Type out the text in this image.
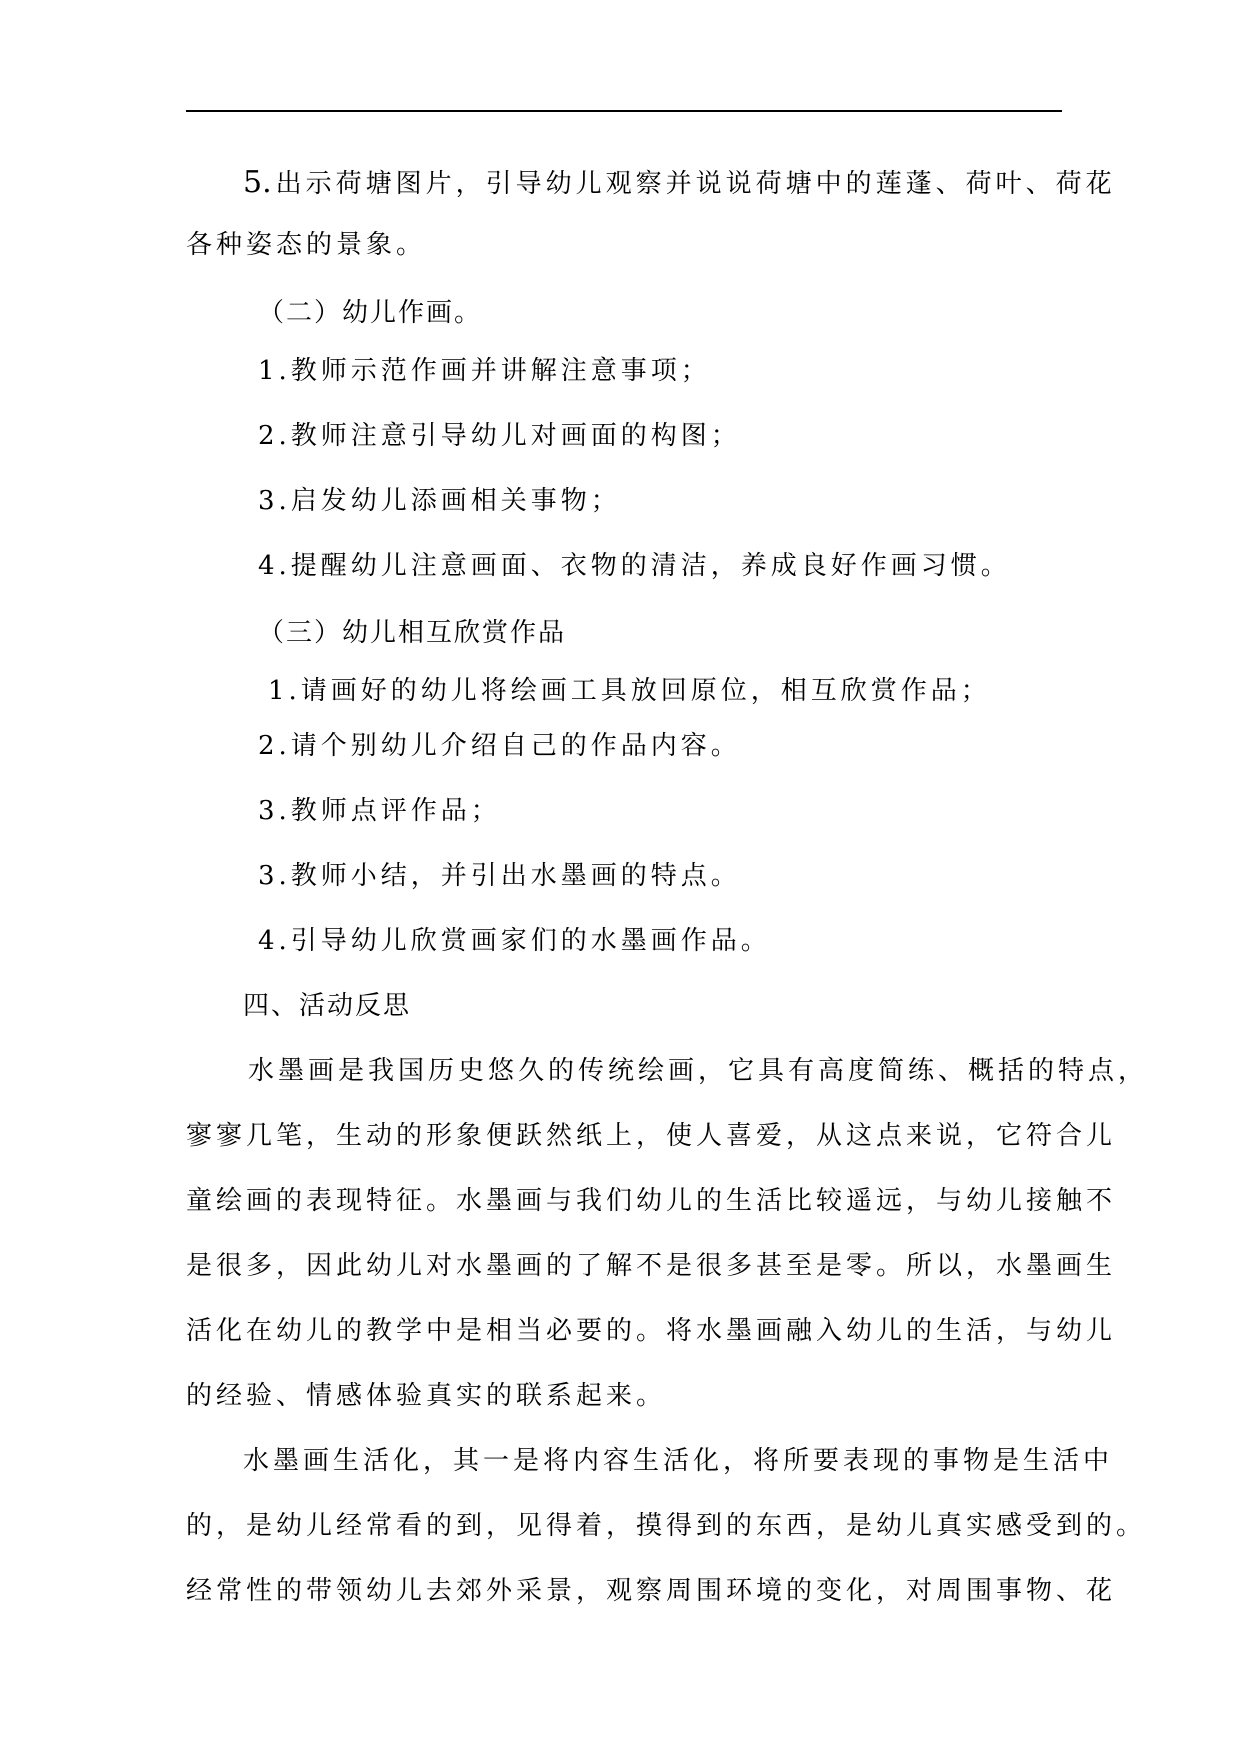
5. 出示荷塘图片，引导幼儿观察并说说荷塘中的莲蓬、荷叶、荷花
各种姿态的景象。
（二）幼儿作画。
1.教师示范作画并讲解注意事项；
2.教师注意引导幼儿对画面的构图；
3.启发幼儿添画相关事物；
4.提醒幼儿注意画面、衣物的清洁，养成良好作画习惯。
（三）幼儿相互欣赏作品
1.请画好的幼儿将绘画工具放回原位，相互欣赏作品；
2.请个别幼儿介绍自己的作品内容。
3.教师点评作品；
3.教师小结，并引出水墨画的特点。
4.引导幼儿欣赏画家们的水墨画作品。
四、活动反思
水墨画是我国历史悠久的传统绘画，它具有高度简练、概括的特点，
寥寥几笔，生动的形象便跃然纸上，使人喜爱，从这点来说，它符合儿
童绘画的表现特征。水墨画与我们幼儿的生活比较遥远，与幼儿接触不
是很多，因此幼儿对水墨画的了解不是很多甚至是零。所以，水墨画生
活化在幼儿的教学中是相当必要的。将水墨画融入幼儿的生活，与幼儿
的经验、情感体验真实的联系起来。
水墨画生活化，其一是将内容生活化，将所要表现的事物是生活中
的，是幼儿经常看的到，见得着，摸得到的东西，是幼儿真实感受到的。
经常性的带领幼儿去郊外采景，观察周围环境的变化，对周围事物、花
